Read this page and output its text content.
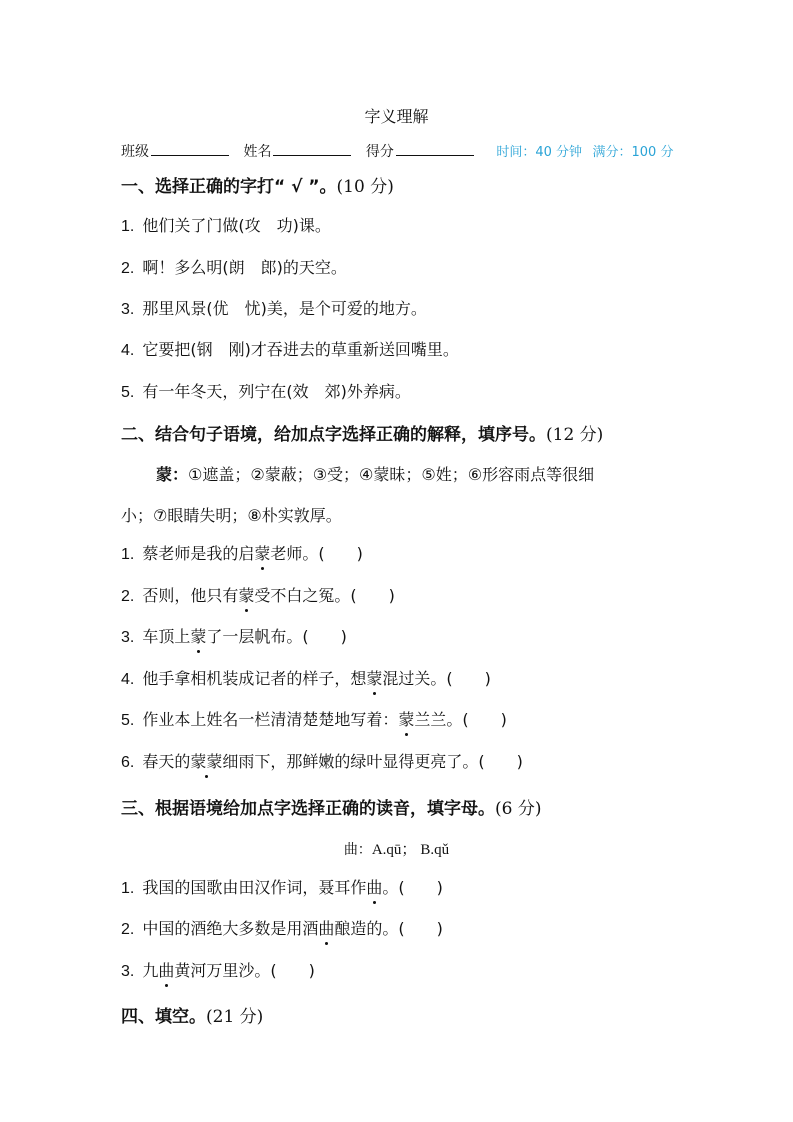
字义理解
班级	姓名	得分	时间：40 分钟 满分：100 分
一、选择正确的字打“ √ ”。(10 分)
1. 他们关了门做(攻　功)课。
2. 啊！多么明(朗　郎)的天空。
3. 那里风景(优　忧)美，是个可爱的地方。
4. 它要把(钢　刚)才吞进去的草重新送回嘴里。
5. 有一年冬天，列宁在(效　郊)外养病。
二、结合句子语境，给加点字选择正确的解释，填序号。(12 分)
蒙：①遮盖；②蒙蔽；③受；④蒙昧；⑤姓；⑥形容雨点等很细
小；⑦眼睛失明；⑧朴实敦厚。
1. 蔡老师是我的启蒙老师。(　　)
2. 否则，他只有蒙受不白之冤。(　　)
3. 车顶上蒙了一层帆布。(　　)
4. 他手拿相机装成记者的样子，想蒙混过关。(　　)
5. 作业本上姓名一栏清清楚楚地写着：蒙兰兰。(　　)
6. 春天的蒙蒙细雨下，那鲜嫩的绿叶显得更亮了。(　　)
三、根据语境给加点字选择正确的读音，填字母。(6 分)
曲：A.qū； B.qǔ
1. 我国的国歌由田汉作词，聂耳作曲。(　　)
2. 中国的酒绝大多数是用酒曲酿造的。(　　)
3. 九曲黄河万里沙。(　　)
四、填空。(21 分)
